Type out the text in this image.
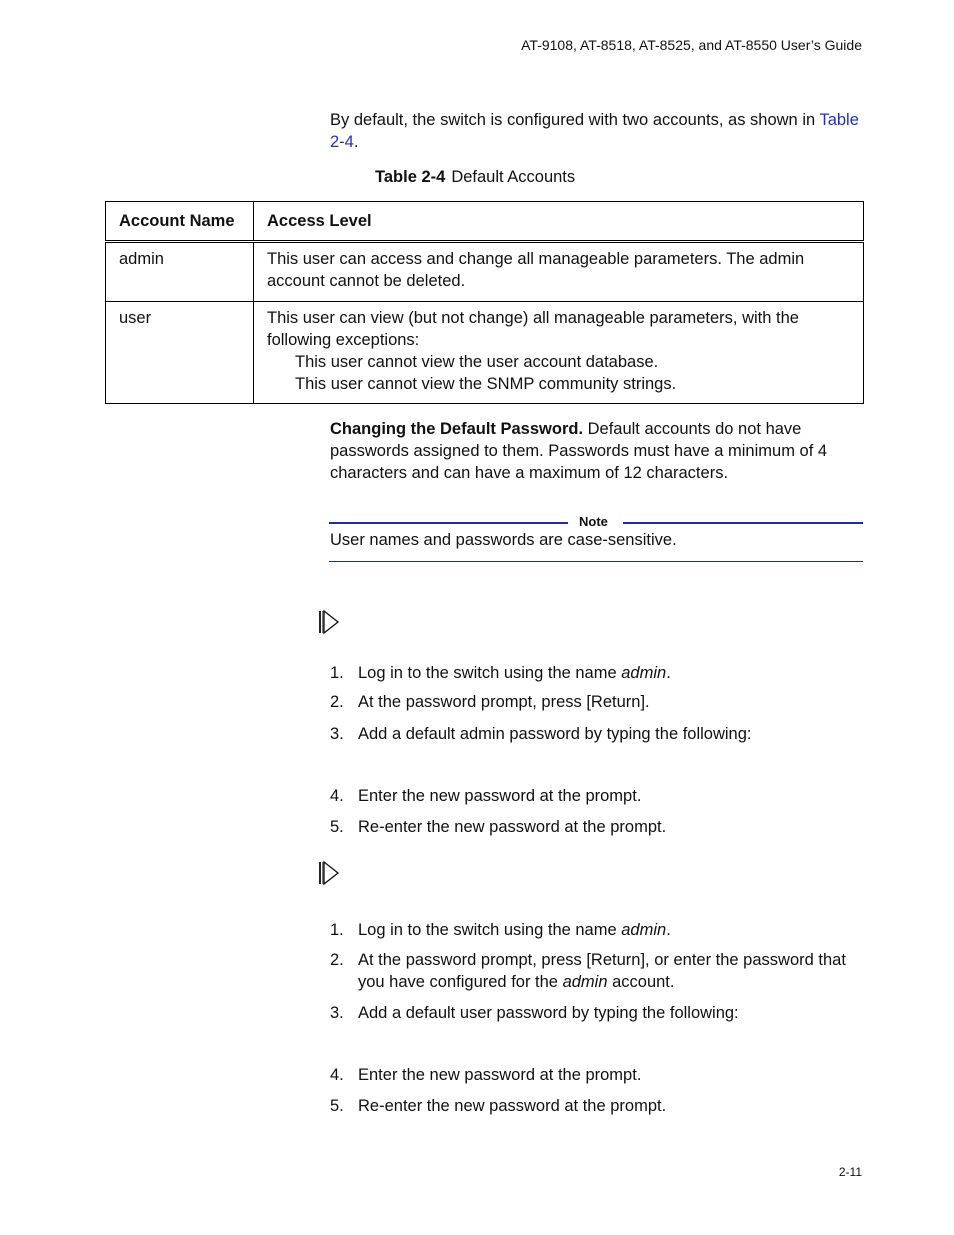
AT-9108, AT-8518, AT-8525, and AT-8550 User’s Guide
By default, the switch is configured with two accounts, as shown in Table 2-4.
Table 2-4 Default Accounts
Account Name	Access Level
admin	This user can access and change all manageable parameters. The admin account cannot be deleted.
user	This user can view (but not change) all manageable parameters, with the following exceptions:
This user cannot view the user account database.
This user cannot view the SNMP community strings.
Changing the Default Password. Default accounts do not have passwords assigned to them. Passwords must have a minimum of 4 characters and can have a maximum of 12 characters.
Note
User names and passwords are case-sensitive.
1. Log in to the switch using the name admin.
2. At the password prompt, press [Return].
3. Add a default admin password by typing the following:
4. Enter the new password at the prompt.
5. Re-enter the new password at the prompt.
1. Log in to the switch using the name admin.
2. At the password prompt, press [Return], or enter the password that you have configured for the admin account.
3. Add a default user password by typing the following:
4. Enter the new password at the prompt.
5. Re-enter the new password at the prompt.
2-11
